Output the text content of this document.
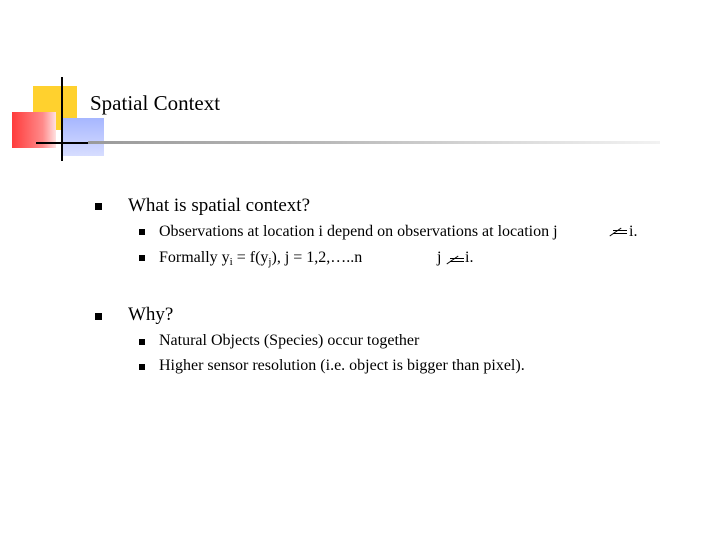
Spatial Context
What is spatial context?
Observations at location i depend on observations at location j	i.
Formally $y_i = f(y_j)$, j = 1,2,…..n	j i.
Why?
Natural Objects (Species) occur together
Higher sensor resolution (i.e. object is bigger than pixel).
